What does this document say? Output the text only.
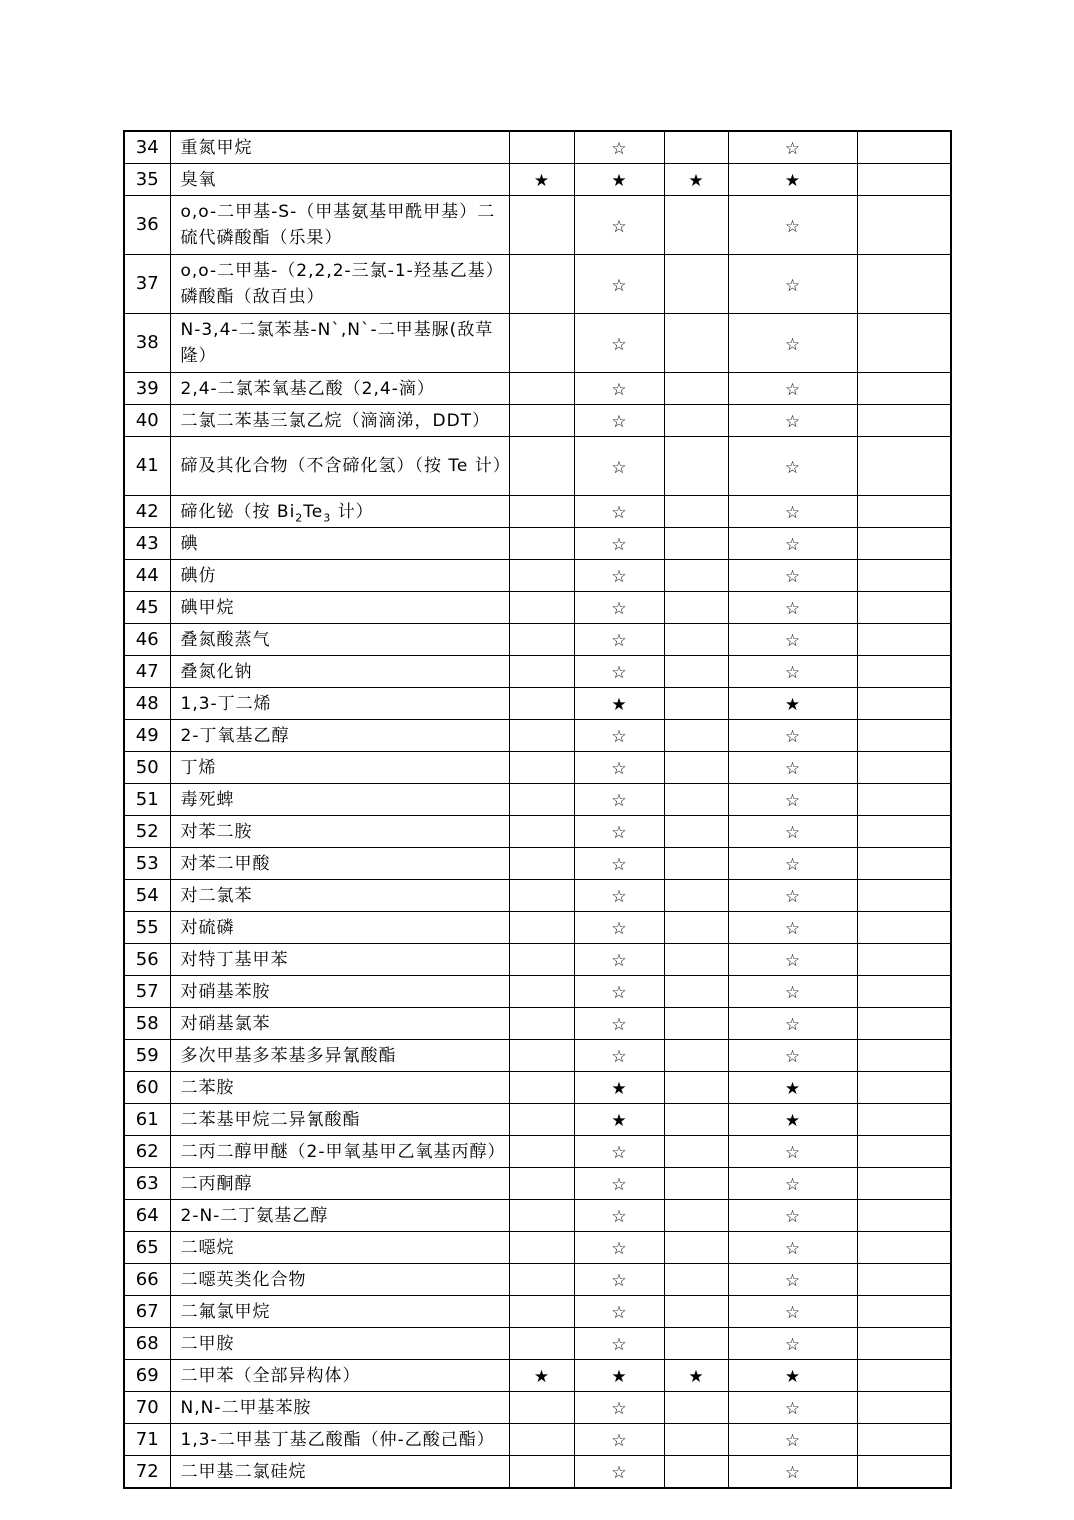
34	重氮甲烷		☆		☆	
35	臭氧	★	★	★	★	
36	o,o-二甲基-S-（甲基氨基甲酰甲基）二硫代磷酸酯（乐果）		☆		☆	
37	o,o-二甲基-（2,2,2-三氯-1-羟基乙基）磷酸酯（敌百虫）		☆		☆	
38	N-3,4-二氯苯基-N`,N`-二甲基脲(敌草隆）		☆		☆	
39	2,4-二氯苯氧基乙酸（2,4-滴）		☆		☆	
40	二氯二苯基三氯乙烷（滴滴涕，DDT）		☆		☆	
41	碲及其化合物（不含碲化氢）（按 Te 计）		☆		☆	
42	碲化铋（按 $Bi_2Te_3$ 计）		☆		☆	
43	碘		☆		☆	
44	碘仿		☆		☆	
45	碘甲烷		☆		☆	
46	叠氮酸蒸气		☆		☆	
47	叠氮化钠		☆		☆	
48	1,3-丁二烯		★		★	
49	2-丁氧基乙醇		☆		☆	
50	丁烯		☆		☆	
51	毒死蜱		☆		☆	
52	对苯二胺		☆		☆	
53	对苯二甲酸		☆		☆	
54	对二氯苯		☆		☆	
55	对硫磷		☆		☆	
56	对特丁基甲苯		☆		☆	
57	对硝基苯胺		☆		☆	
58	对硝基氯苯		☆		☆	
59	多次甲基多苯基多异氰酸酯		☆		☆	
60	二苯胺		★		★	
61	二苯基甲烷二异氰酸酯		★		★	
62	二丙二醇甲醚（2-甲氧基甲乙氧基丙醇）		☆		☆	
63	二丙酮醇		☆		☆	
64	2-N-二丁氨基乙醇		☆		☆	
65	二噁烷		☆		☆	
66	二噁英类化合物		☆		☆	
67	二氟氯甲烷		☆		☆	
68	二甲胺		☆		☆	
69	二甲苯（全部异构体）	★	★	★	★	
70	N,N-二甲基苯胺		☆		☆	
71	1,3-二甲基丁基乙酸酯（仲-乙酸己酯）		☆		☆	
72	二甲基二氯硅烷		☆		☆	
